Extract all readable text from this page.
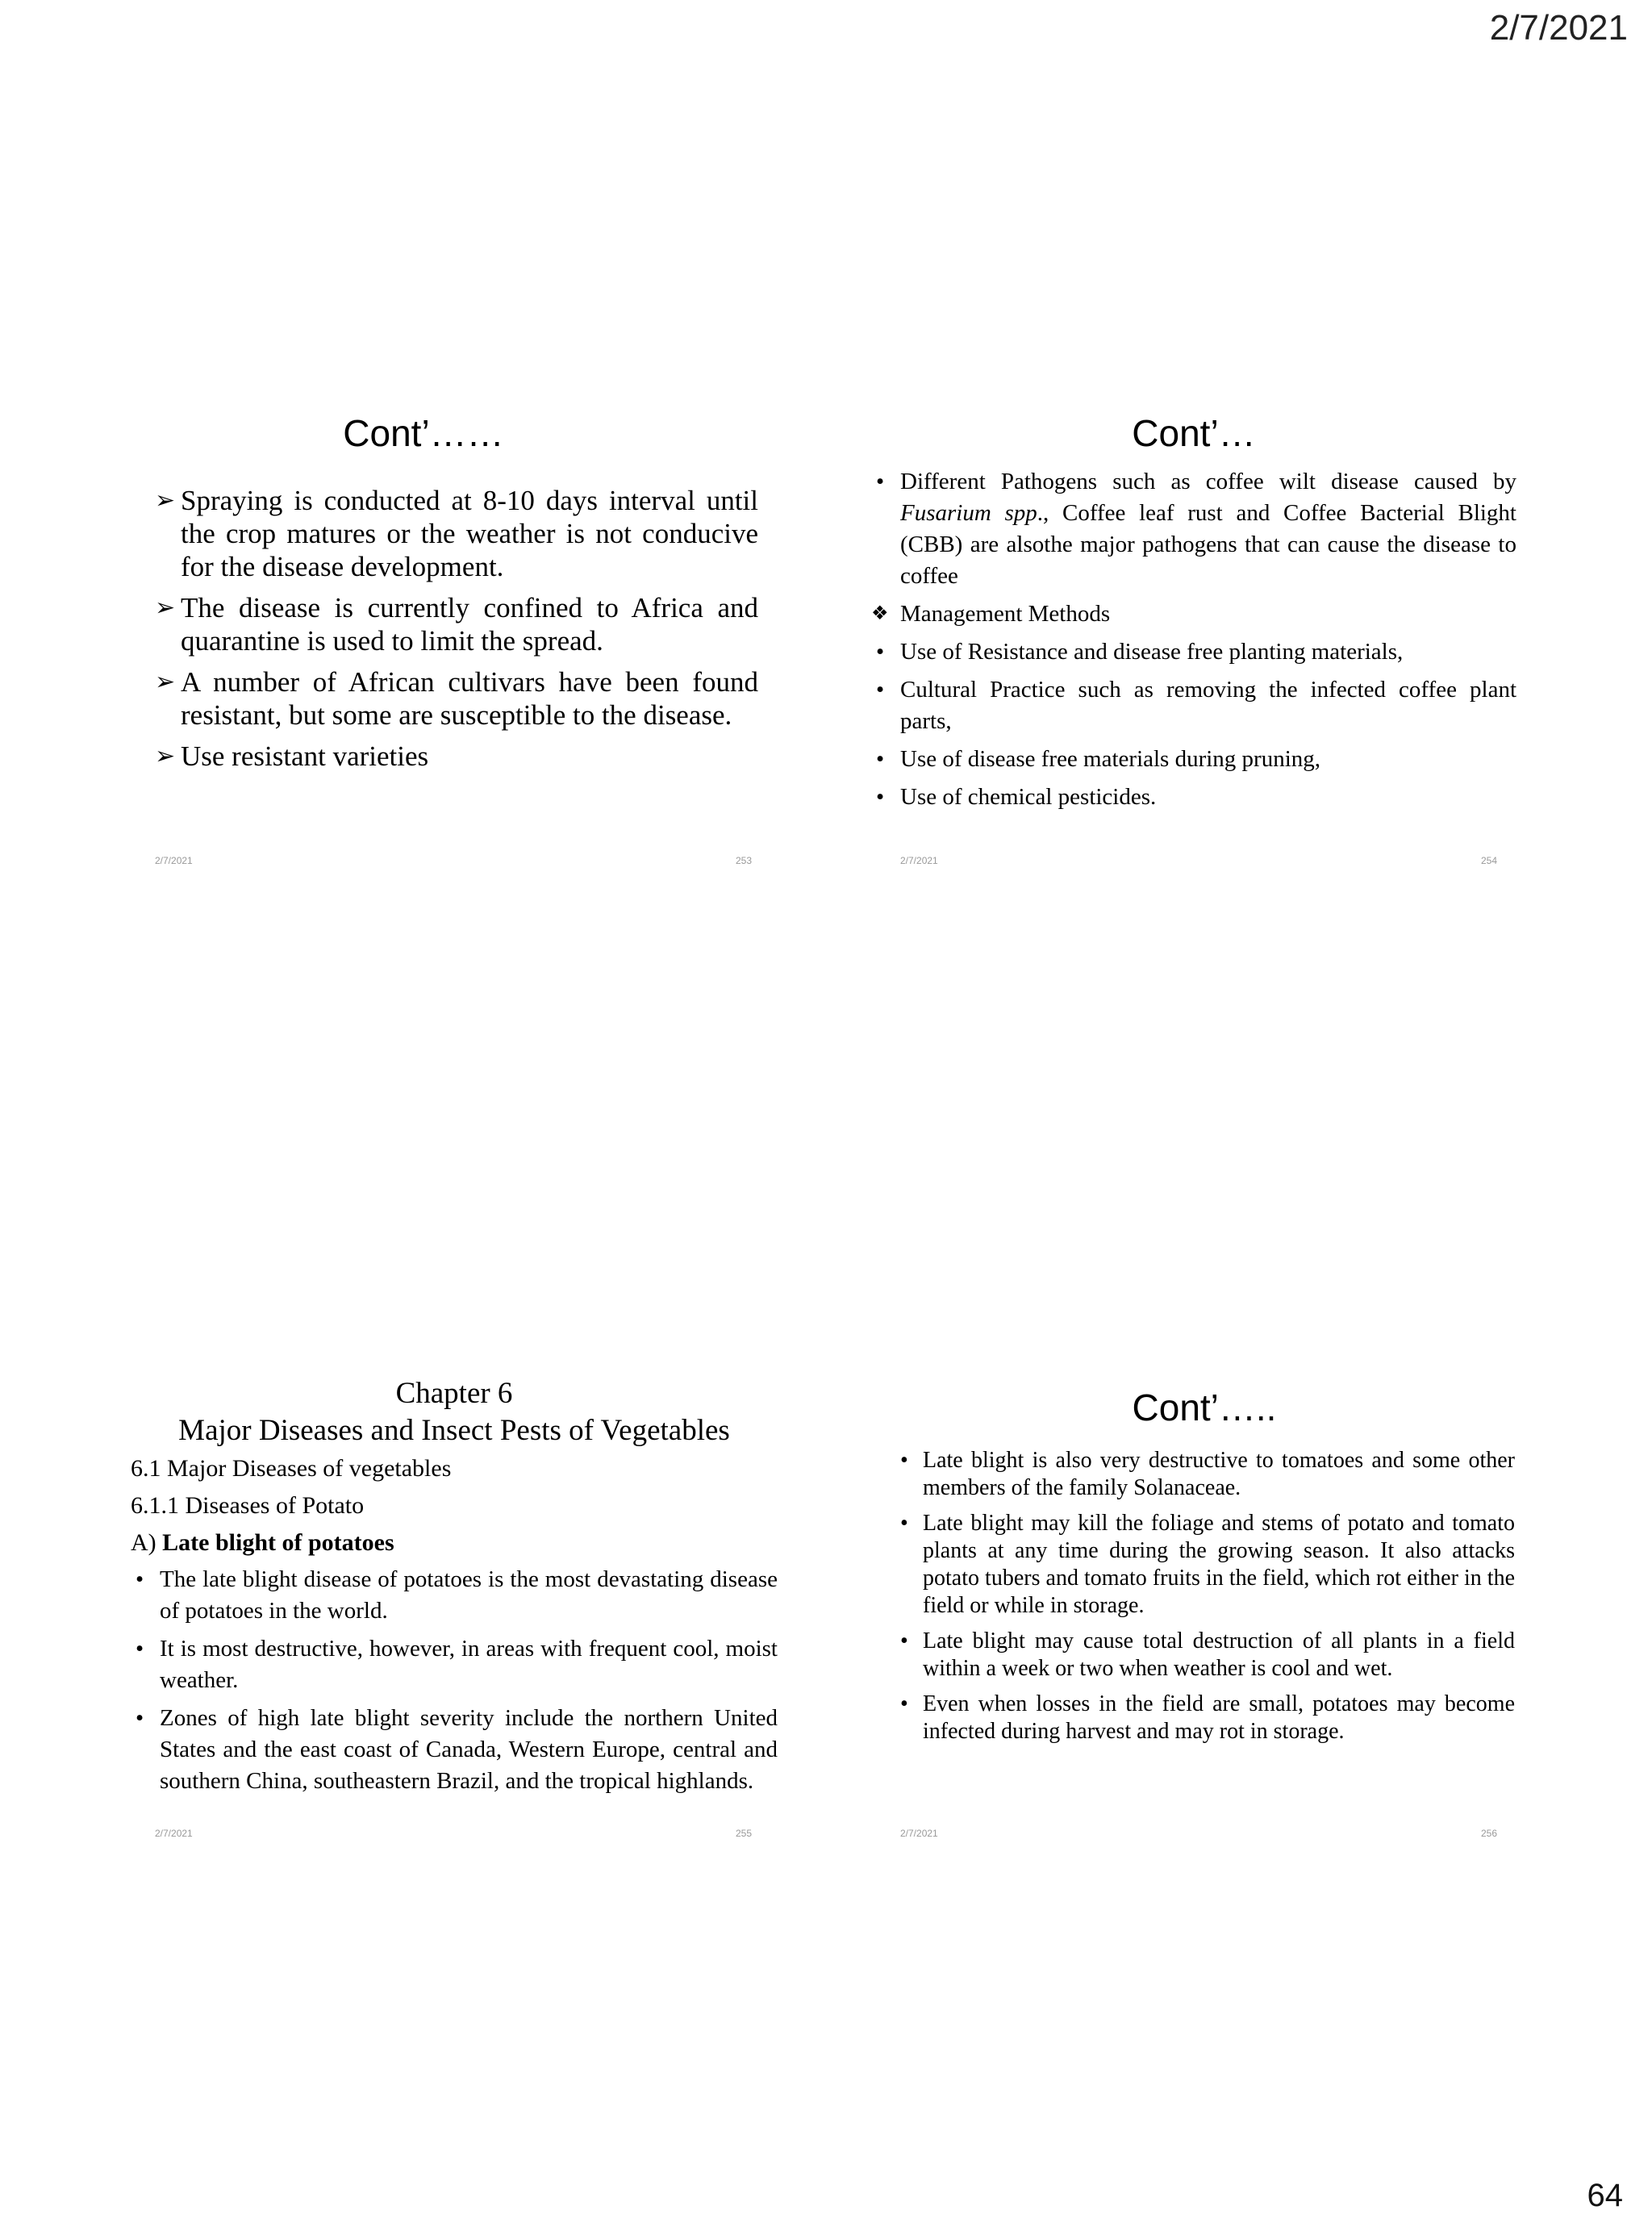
2/7/2021
Cont’……
➢ Spraying is conducted at 8-10 days interval until the crop matures or the weather is not conducive for the disease development.
➢ The disease is currently confined to Africa and quarantine is used to limit the spread.
➢ A number of African cultivars have been found resistant, but some are susceptible to the disease.
➢ Use resistant varieties
2/7/2021	253
Cont’…
• Different Pathogens such as coffee wilt disease caused by Fusarium spp., Coffee leaf rust and Coffee Bacterial Blight (CBB) are alsothe major pathogens that can cause the disease to coffee
❖ Management Methods
• Use of Resistance and disease free planting materials,
• Cultural Practice such as removing the infected coffee plant parts,
• Use of disease free materials during pruning,
• Use of chemical pesticides.
2/7/2021	254
Chapter 6
Major Diseases and Insect Pests of Vegetables

6.1 Major Diseases of vegetables

6.1.1 Diseases of Potato

A) Late blight of potatoes

• The late blight disease of potatoes is the most devastating disease of potatoes in the world.
• It is most destructive, however, in areas with frequent cool, moist weather.
• Zones of high late blight severity include the northern United States and the east coast of Canada, Western Europe, central and southern China, southeastern Brazil, and the tropical highlands.
2/7/2021	255
Cont’…..
• Late blight is also very destructive to tomatoes and some other members of the family Solanaceae.
• Late blight may kill the foliage and stems of potato and tomato plants at any time during the growing season. It also attacks potato tubers and tomato fruits in the field, which rot either in the field or while in storage.
• Late blight may cause total destruction of all plants in a field within a week or two when weather is cool and wet.
• Even when losses in the field are small, potatoes may become infected during harvest and may rot in storage.
2/7/2021	256
64
